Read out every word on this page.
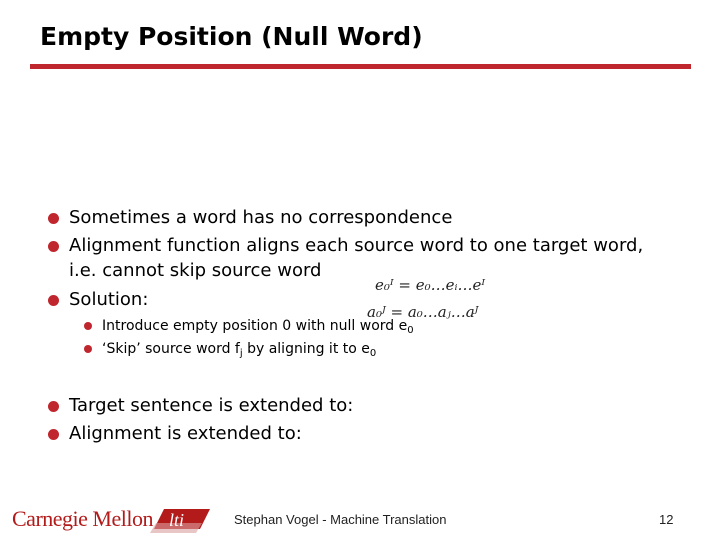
Empty Position (Null Word)
Sometimes a word has no correspondence
Alignment function aligns each source word to one target word,
i.e. cannot skip source word
Solution:
e₀ᴵ = e₀…eᵢ…eᴵ
a₀ᴶ = a₀…aⱼ…aᴶ
Introduce empty position 0 with null word $e_0$
‘Skip’ source word $f_j$ by aligning it to $e_0$
Target sentence is extended to:
Alignment is extended to:
Carnegie Mellon lti	Stephan Vogel - Machine Translation	12
